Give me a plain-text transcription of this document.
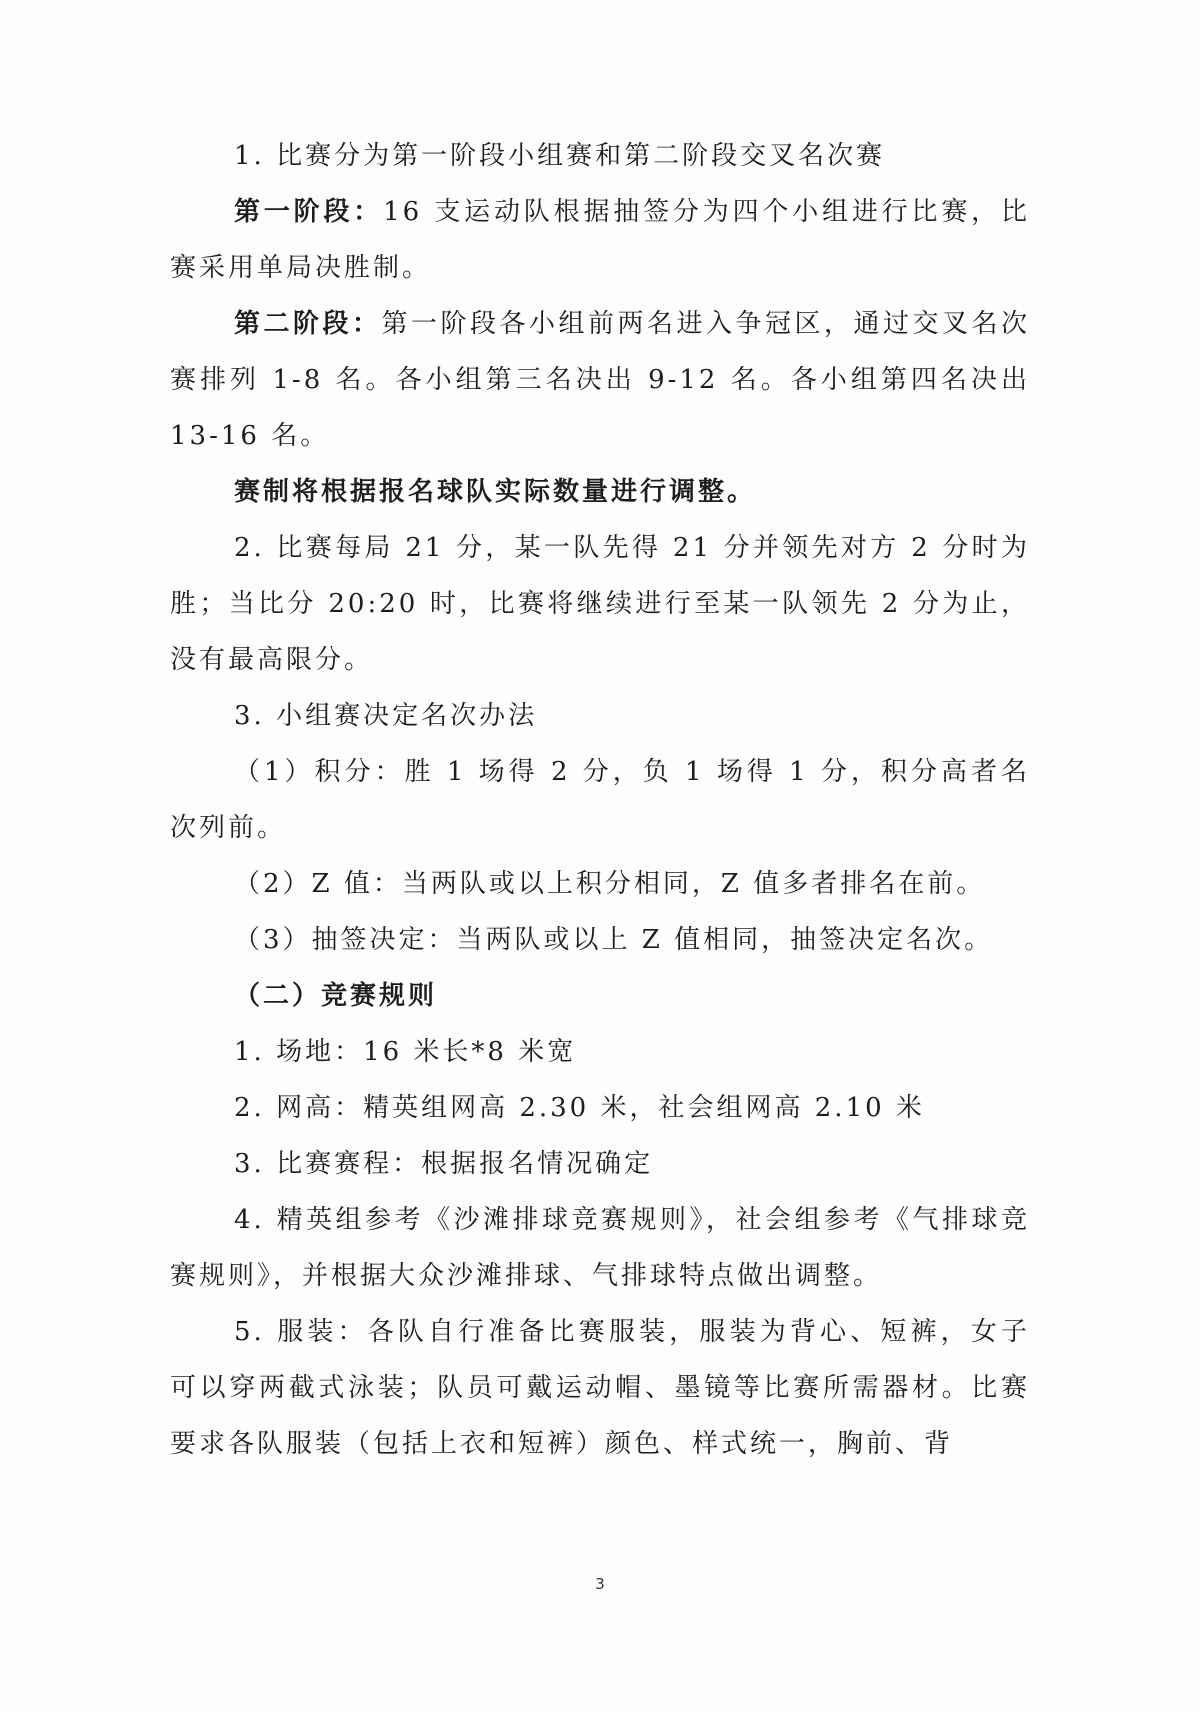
1. 比赛分为第一阶段小组赛和第二阶段交叉名次赛

第一阶段：16 支运动队根据抽签分为四个小组进行比赛，比赛采用单局决胜制。

第二阶段：第一阶段各小组前两名进入争冠区，通过交叉名次赛排列 1-8 名。各小组第三名决出 9-12 名。各小组第四名决出 13-16 名。

赛制将根据报名球队实际数量进行调整。

2. 比赛每局 21 分，某一队先得 21 分并领先对方 2 分时为胜；当比分 20:20 时，比赛将继续进行至某一队领先 2 分为止，没有最高限分。

3. 小组赛决定名次办法

（1）积分：胜 1 场得 2 分，负 1 场得 1 分，积分高者名次列前。

（2）Z 值：当两队或以上积分相同，Z 值多者排名在前。

（3）抽签决定：当两队或以上 Z 值相同，抽签决定名次。

（二）竞赛规则

1. 场地：16 米长*8 米宽

2. 网高：精英组网高 2.30 米，社会组网高 2.10 米

3. 比赛赛程：根据报名情况确定

4. 精英组参考《沙滩排球竞赛规则》，社会组参考《气排球竞赛规则》，并根据大众沙滩排球、气排球特点做出调整。

5. 服装：各队自行准备比赛服装，服装为背心、短裤，女子可以穿两截式泳装；队员可戴运动帽、墨镜等比赛所需器材。比赛要求各队服装（包括上衣和短裤）颜色、样式统一，胸前、背

3
